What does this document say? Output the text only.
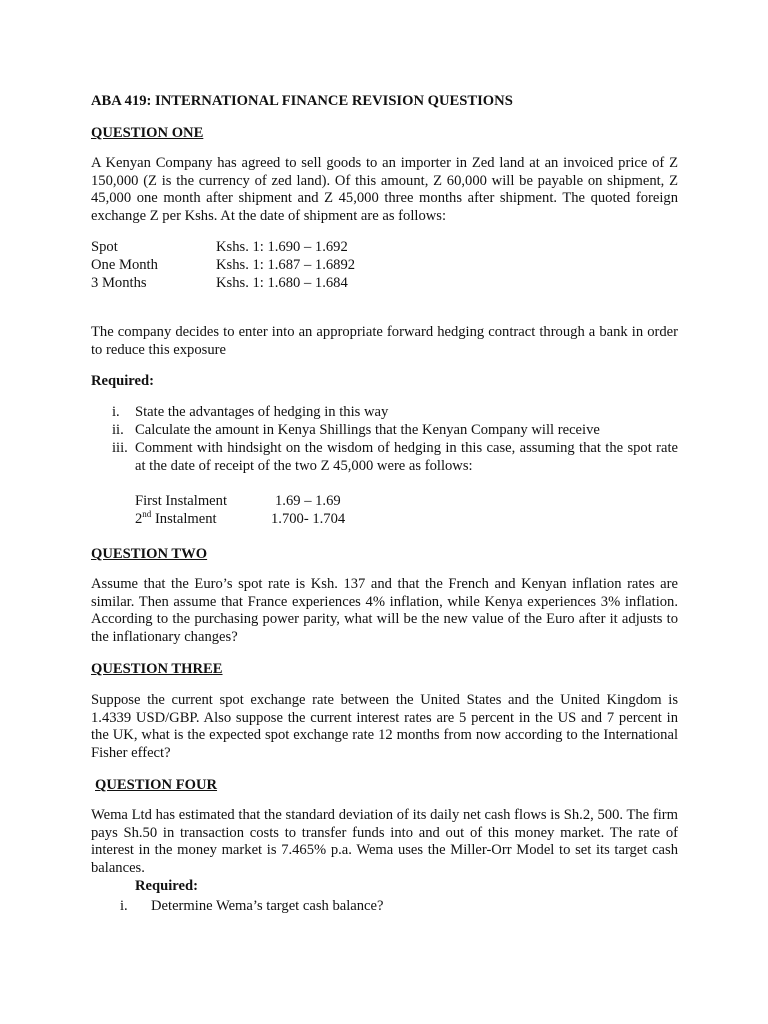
ABA 419: INTERNATIONAL FINANCE REVISION QUESTIONS

QUESTION ONE

A Kenyan Company has agreed to sell goods to an importer in Zed land at an invoiced price of Z 150,000 (Z is the currency of zed land). Of this amount, Z 60,000 will be payable on shipment, Z 45,000 one month after shipment and Z 45,000 three months after shipment. The quoted foreign exchange Z per Kshs. At the date of shipment are as follows:

Spot	Kshs. 1: 1.690 – 1.692
One Month	Kshs. 1: 1.687 – 1.6892
3 Months	Kshs. 1: 1.680 – 1.684

The company decides to enter into an appropriate forward hedging contract through a bank in order to reduce this exposure

Required:

i.	State the advantages of hedging in this way
ii. Calculate the amount in Kenya Shillings that the Kenyan Company will receive
iii. Comment with hindsight on the wisdom of hedging in this case, assuming that the spot rate at the date of receipt of the two Z 45,000 were as follows:
First Instalment	1.69 – 1.69
2nd Instalment	1.700- 1.704

QUESTION TWO

Assume that the Euro’s spot rate is Ksh. 137 and that the French and Kenyan inflation rates are similar. Then assume that France experiences 4% inflation, while Kenya experiences 3% inflation. According to the purchasing power parity, what will be the new value of the Euro after it adjusts to the inflationary changes?

QUESTION THREE

Suppose the current spot exchange rate between the United States and the United Kingdom is 1.4339 USD/GBP. Also suppose the current interest rates are 5 percent in the US and 7 percent in the UK, what is the expected spot exchange rate 12 months from now according to the International Fisher effect?

QUESTION FOUR

Wema Ltd has estimated that the standard deviation of its daily net cash flows is Sh.2, 500. The firm pays Sh.50 in transaction costs to transfer funds into and out of this money market. The rate of interest in the money market is 7.465% p.a. Wema uses the Miller-Orr Model to set its target cash balances.

Required:

i.	Determine Wema’s target cash balance?
